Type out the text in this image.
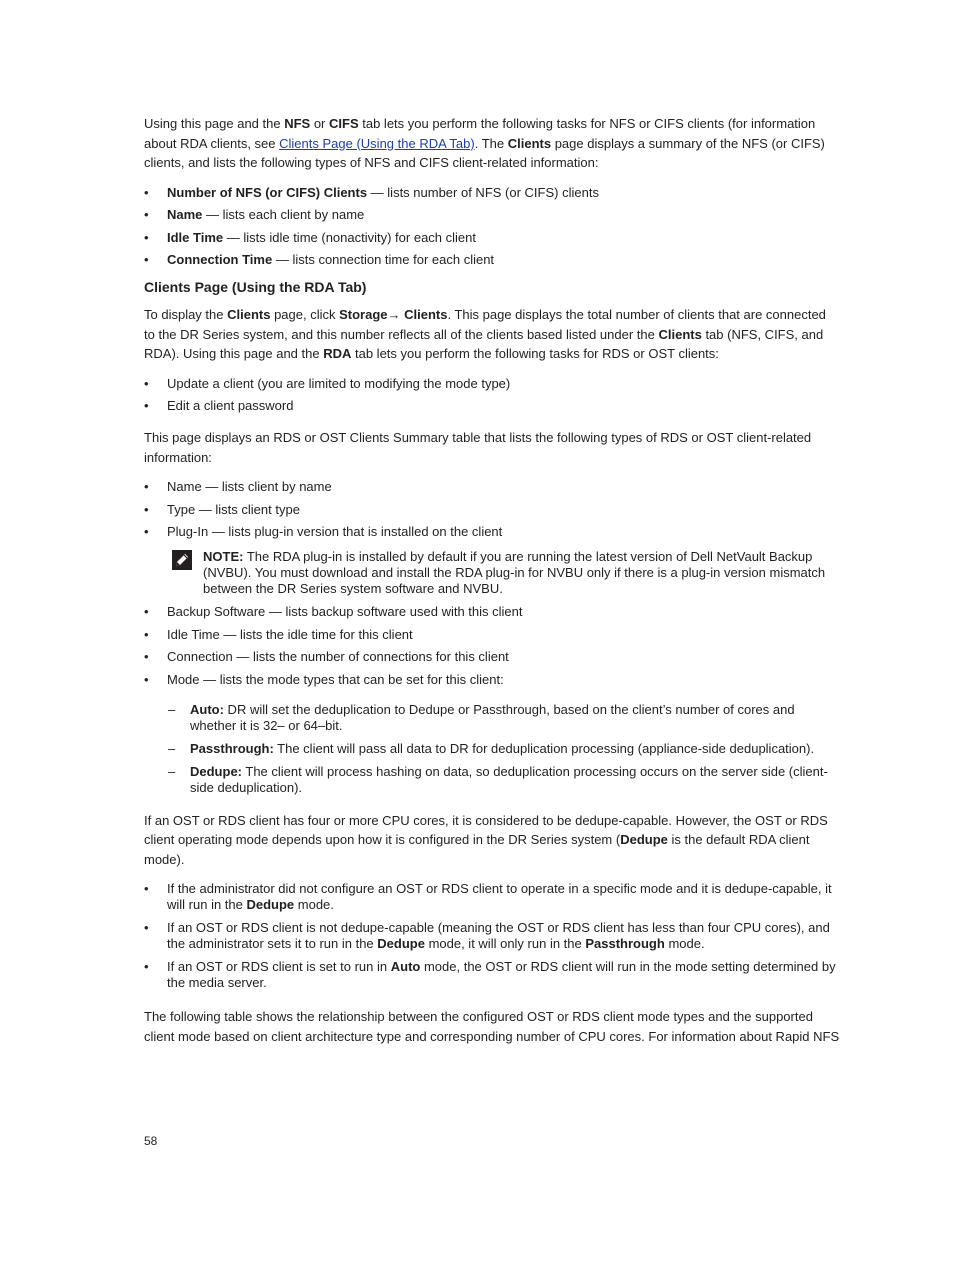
Using this page and the NFS or CIFS tab lets you perform the following tasks for NFS or CIFS clients (for information about RDA clients, see Clients Page (Using the RDA Tab). The Clients page displays a summary of the NFS (or CIFS) clients, and lists the following types of NFS and CIFS client-related information:

• Number of NFS (or CIFS) Clients — lists number of NFS (or CIFS) clients
• Name — lists each client by name
• Idle Time — lists idle time (nonactivity) for each client
• Connection Time — lists connection time for each client
Clients Page (Using the RDA Tab)

To display the Clients page, click Storage→ Clients. This page displays the total number of clients that are connected to the DR Series system, and this number reflects all of the clients based listed under the Clients tab (NFS, CIFS, and RDA). Using this page and the RDA tab lets you perform the following tasks for RDS or OST clients:

• Update a client (you are limited to modifying the mode type)
• Edit a client password

This page displays an RDS or OST Clients Summary table that lists the following types of RDS or OST client-related information:

• Name — lists client by name
• Type — lists client type
• Plug-In — lists plug-in version that is installed on the client
NOTE: The RDA plug-in is installed by default if you are running the latest version of Dell NetVault Backup (NVBU). You must download and install the RDA plug-in for NVBU only if there is a plug-in version mismatch between the DR Series system software and NVBU.
• Backup Software — lists backup software used with this client
• Idle Time — lists the idle time for this client
• Connection — lists the number of connections for this client
• Mode — lists the mode types that can be set for this client:
– Auto: DR will set the deduplication to Dedupe or Passthrough, based on the client’s number of cores and whether it is 32– or 64–bit.
– Passthrough: The client will pass all data to DR for deduplication processing (appliance-side deduplication).
– Dedupe: The client will process hashing on data, so deduplication processing occurs on the server side (client-side deduplication).

If an OST or RDS client has four or more CPU cores, it is considered to be dedupe-capable. However, the OST or RDS client operating mode depends upon how it is configured in the DR Series system (Dedupe is the default RDA client mode).

• If the administrator did not configure an OST or RDS client to operate in a specific mode and it is dedupe-capable, it will run in the Dedupe mode.
• If an OST or RDS client is not dedupe-capable (meaning the OST or RDS client has less than four CPU cores), and the administrator sets it to run in the Dedupe mode, it will only run in the Passthrough mode.
• If an OST or RDS client is set to run in Auto mode, the OST or RDS client will run in the mode setting determined by the media server.

The following table shows the relationship between the configured OST or RDS client mode types and the supported client mode based on client architecture type and corresponding number of CPU cores. For information about Rapid NFS

58
